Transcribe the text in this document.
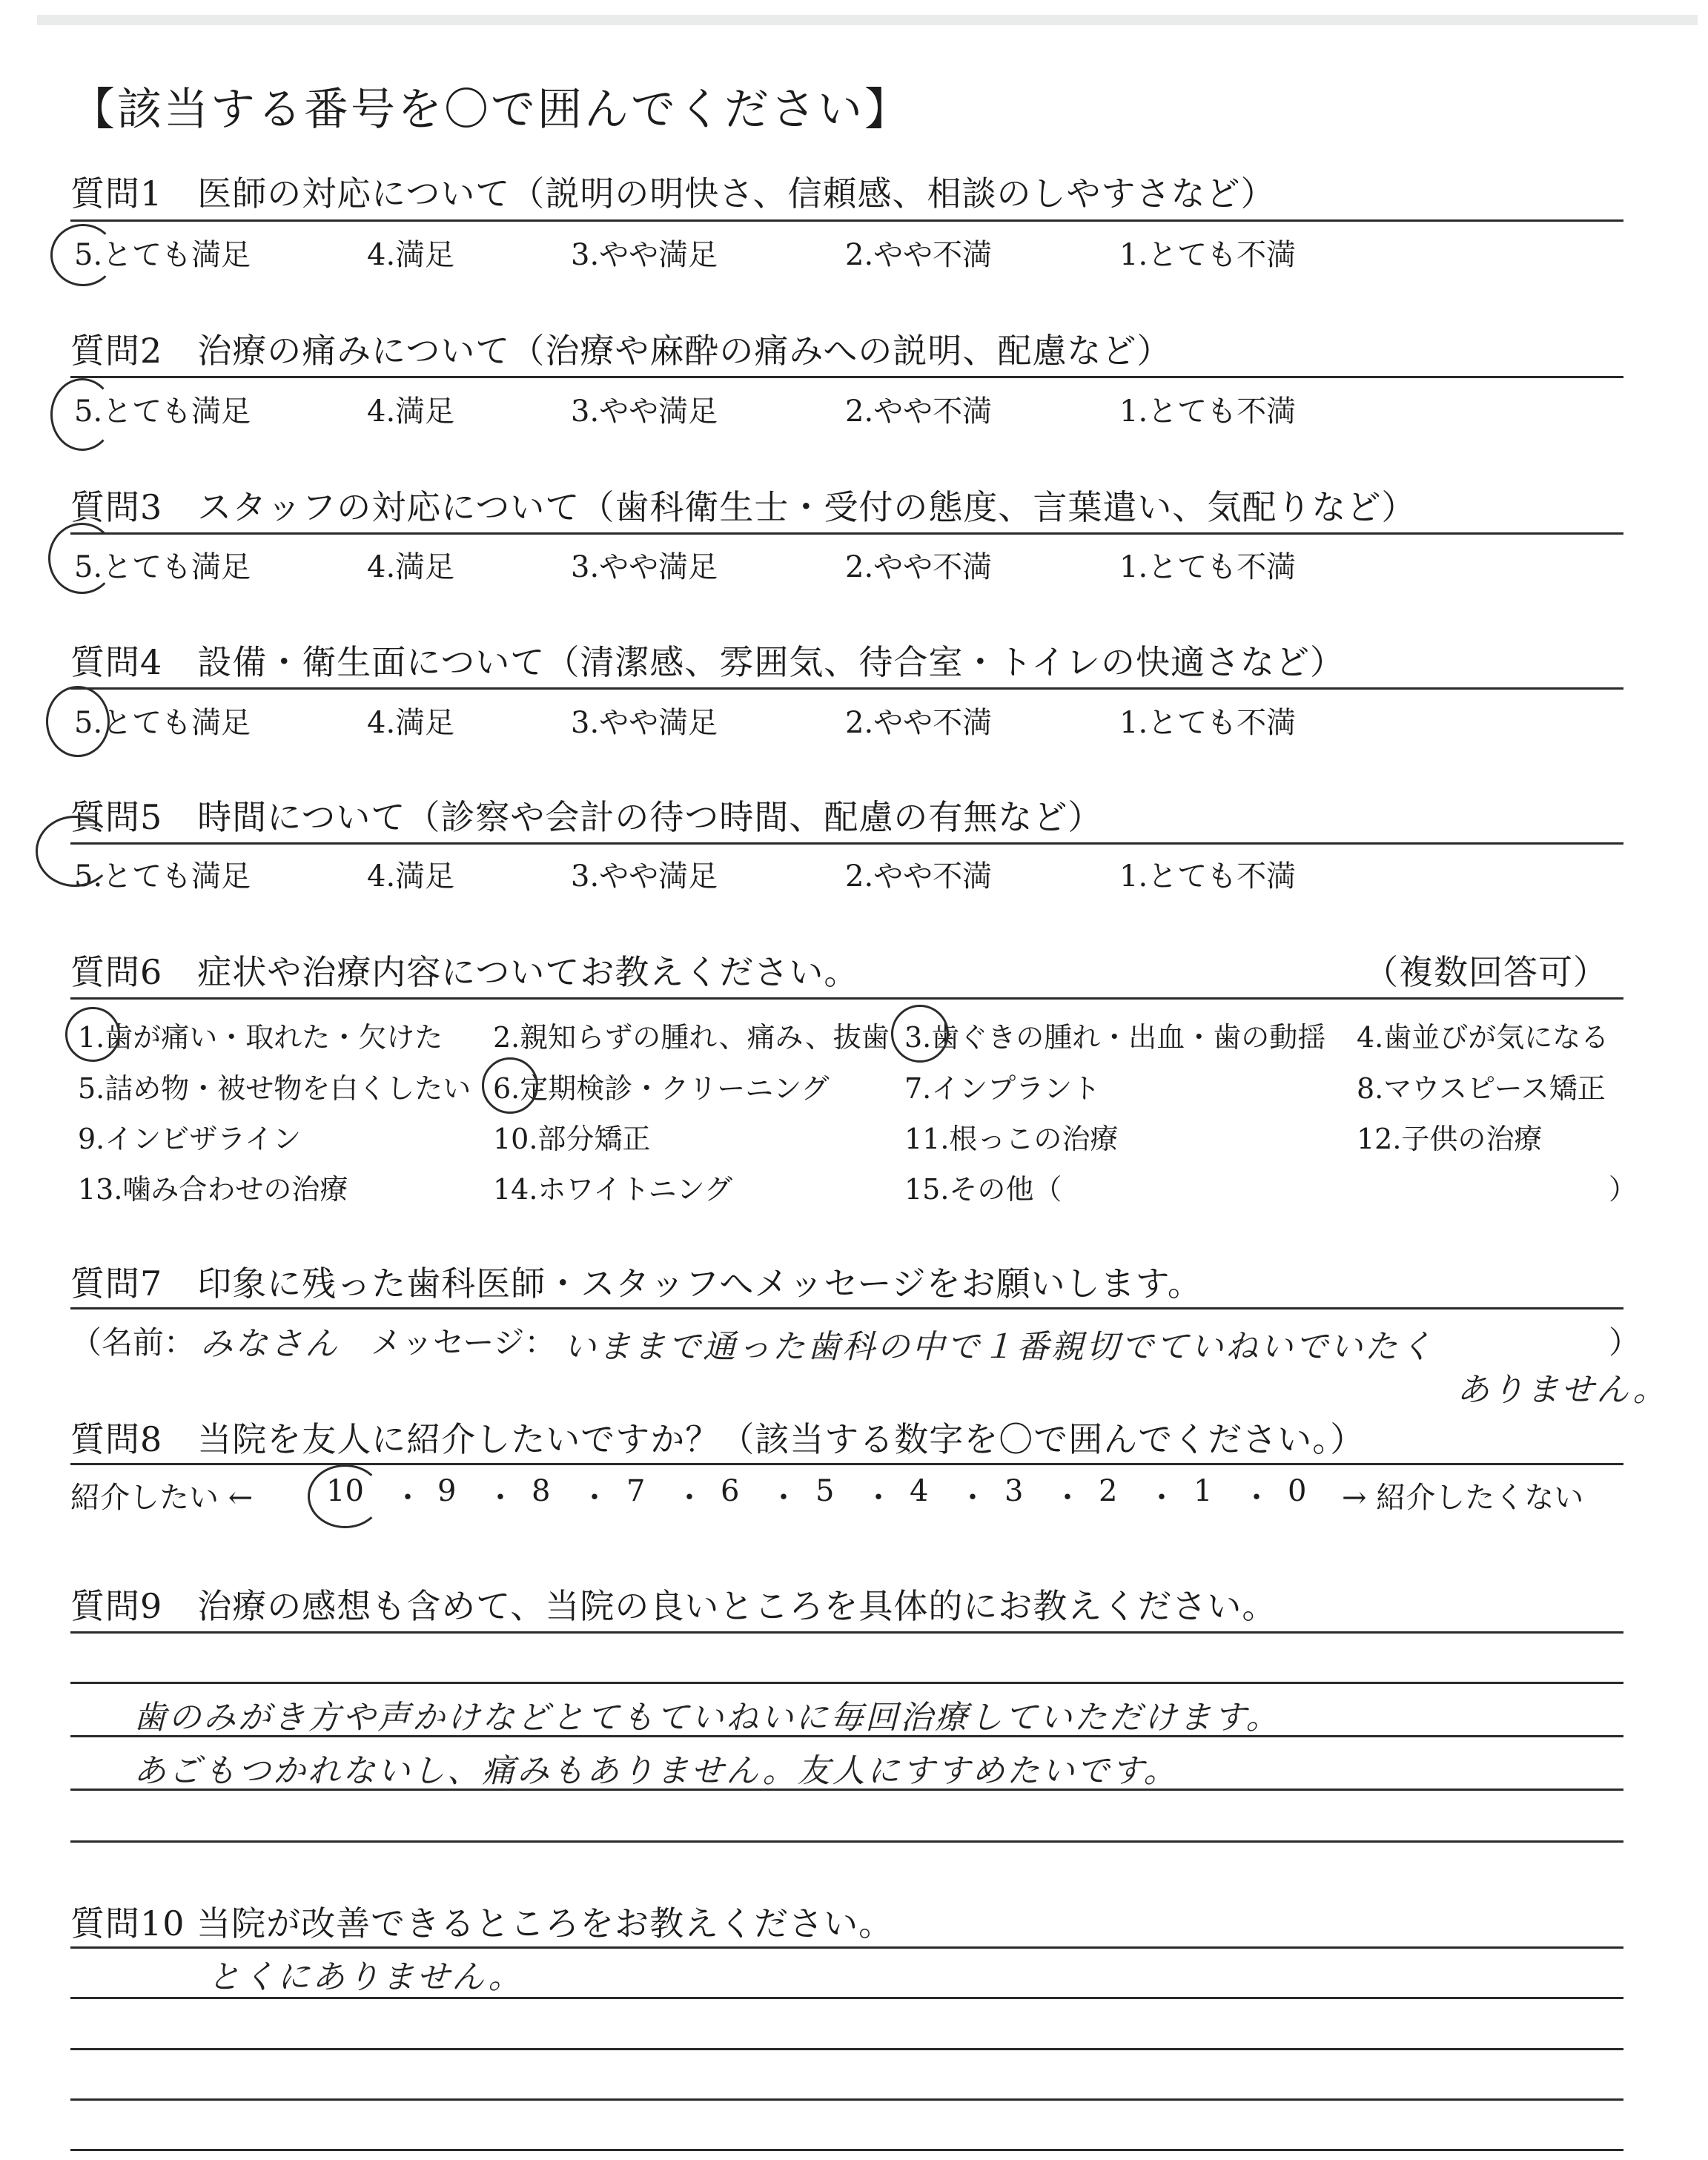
【該当する番号を〇で囲んでください】
質問1　医師の対応について（説明の明快さ、信頼感、相談のしやすさなど）
5.とても満足	4.満足	3.やや満足	2.やや不満	1.とても不満
質問2　治療の痛みについて（治療や麻酔の痛みへの説明、配慮など）
5.とても満足	4.満足	3.やや満足	2.やや不満	1.とても不満
質問3　スタッフの対応について（歯科衛生士・受付の態度、言葉遣い、気配りなど）
5.とても満足	4.満足	3.やや満足	2.やや不満	1.とても不満
質問4　設備・衛生面について（清潔感、雰囲気、待合室・トイレの快適さなど）
5.とても満足	4.満足	3.やや満足	2.やや不満	1.とても不満
質問5　時間について（診察や会計の待つ時間、配慮の有無など）
5.とても満足	4.満足	3.やや満足	2.やや不満	1.とても不満
質問6　症状や治療内容についてお教えください。	（複数回答可）
1.歯が痛い・取れた・欠けた 2.親知らずの腫れ、痛み、抜歯 3.歯ぐきの腫れ・出血・歯の動揺 4.歯並びが気になる
5.詰め物・被せ物を白くしたい 6.定期検診・クリーニング	7.インプラント	8.マウスピース矯正
9.インビザライン	10.部分矯正	11.根っこの治療	12.子供の治療
13.噛み合わせの治療	14.ホワイトニング	15.その他（	）
質問7　印象に残った歯科医師・スタッフへメッセージをお願いします。
（名前： みなさん メッセージ： いままで通った歯科の中で１番親切でていねいでいたく	）
ありません。
質問8　当院を友人に紹介したいですか？（該当する数字を〇で囲んでください。）
紹介したい ← 10 ・ 9 ・ 8 ・ 7 ・ 6 ・ 5 ・ 4 ・ 3 ・ 2 ・ 1 ・ 0 → 紹介したくない
質問9　治療の感想も含めて、当院の良いところを具体的にお教えください。
歯のみがき方や声かけなどとてもていねいに毎回治療していただけます。
あごもつかれないし、痛みもありません。友人にすすめたいです。
質問10 当院が改善できるところをお教えください。
とくにありません。
